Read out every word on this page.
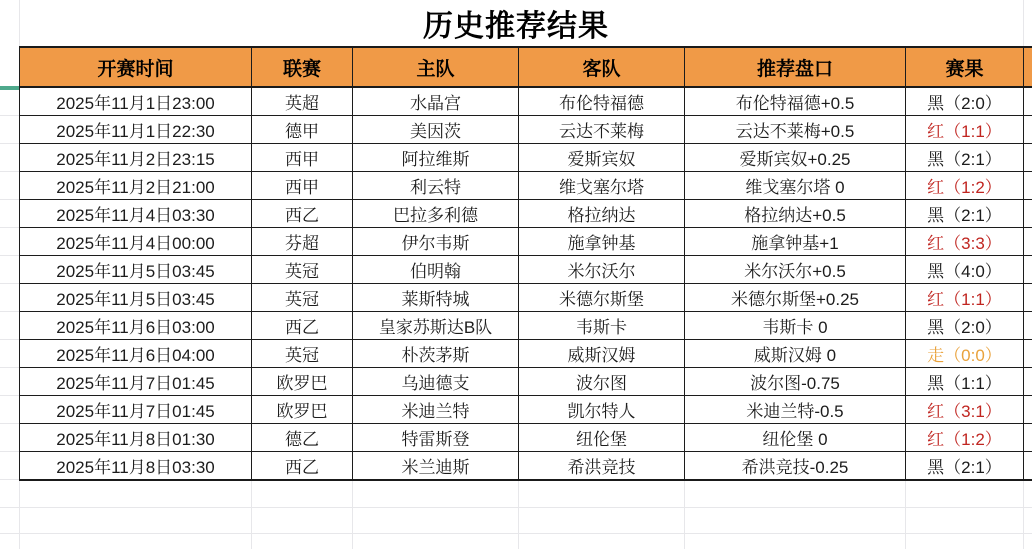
历史推荐结果
开赛时间	联赛	主队	客队	推荐盘口	赛果	
2025年11月1日23:00	英超	水晶宫	布伦特福德	布伦特福德+0.5	黑（2:0）	
2025年11月1日22:30	德甲	美因茨	云达不莱梅	云达不莱梅+0.5	红（1:1）	
2025年11月2日23:15	西甲	阿拉维斯	爱斯宾奴	爱斯宾奴+0.25	黑（2:1）	
2025年11月2日21:00	西甲	利云特	维戈塞尔塔	维戈塞尔塔 0	红（1:2）	
2025年11月4日03:30	西乙	巴拉多利德	格拉纳达	格拉纳达+0.5	黑（2:1）	
2025年11月4日00:00	芬超	伊尔韦斯	施拿钟基	施拿钟基+1	红（3:3）	
2025年11月5日03:45	英冠	伯明翰	米尔沃尔	米尔沃尔+0.5	黑（4:0）	
2025年11月5日03:45	英冠	莱斯特城	米德尔斯堡	米德尔斯堡+0.25	红（1:1）	
2025年11月6日03:00	西乙	皇家苏斯达B队	韦斯卡	韦斯卡 0	黑（2:0）	
2025年11月6日04:00	英冠	朴茨茅斯	威斯汉姆	威斯汉姆 0	走（0:0）	
2025年11月7日01:45	欧罗巴	乌迪德支	波尔图	波尔图-0.75	黑（1:1）	
2025年11月7日01:45	欧罗巴	米迪兰特	凯尔特人	米迪兰特-0.5	红（3:1）	
2025年11月8日01:30	德乙	特雷斯登	纽伦堡	纽伦堡 0	红（1:2）	
2025年11月8日03:30	西乙	米兰迪斯	希洪竞技	希洪竞技-0.25	黑（2:1）	
